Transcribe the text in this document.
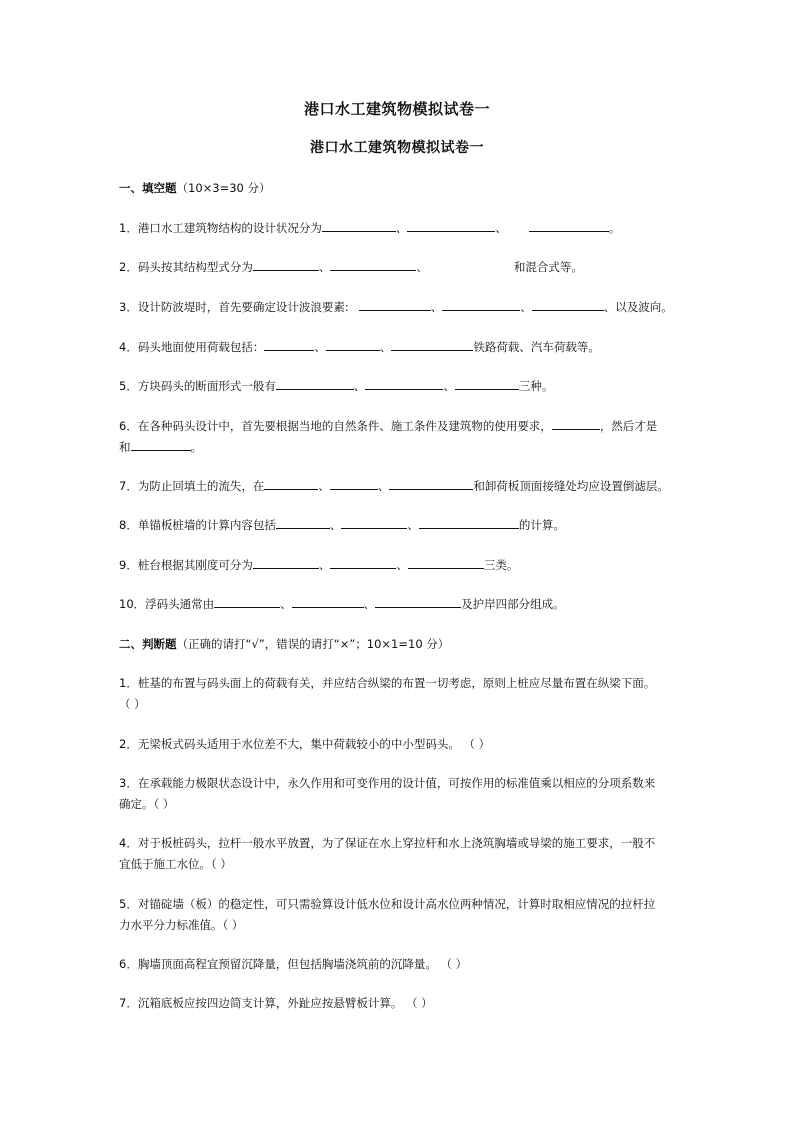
港口水工建筑物模拟试卷一
港口水工建筑物模拟试卷一
一、填空题（10×3=30 分）
1．港口水工建筑物结构的设计状况分为	、	、	。
2．码头按其结构型式分为	、	、	和混合式等。
3．设计防波堤时，首先要确定设计波浪要素:	、	、	、以及波向。
4．码头地面使用荷载包括：	、	、	铁路荷载、汽车荷载等。
5．方块码头的断面形式一般有	、	、	三种。
6．在各种码头设计中，首先要根据当地的自然条件、施工条件及建筑物的使用要求，	，然后才是
和	。
7．为防止回填土的流失，在	、	、	和卸荷板顶面接缝处均应设置倒滤层。
8．单锚板桩墙的计算内容包括	、	、	的计算。
9．桩台根据其刚度可分为	、	、	三类。
10．浮码头通常由	、	、	及护岸四部分组成。
二、判断题（正确的请打“√”，错误的请打“×”；10×1=10 分）
1．桩基的布置与码头面上的荷载有关，并应结合纵梁的布置一切考虑，原则上桩应尽量布置在纵梁下面。
（ ）
2．无梁板式码头适用于水位差不大，集中荷载较小的中小型码头。 （ ）
3．在承载能力极限状态设计中，永久作用和可变作用的设计值，可按作用的标准值乘以相应的分项系数来
确定。（ ）
4．对于板桩码头，拉杆一般水平放置，为了保证在水上穿拉杆和水上浇筑胸墙或导梁的施工要求，一般不
宜低于施工水位。（ ）
5．对锚碇墙（板）的稳定性，可只需验算设计低水位和设计高水位两种情况，计算时取相应情况的拉杆拉
力水平分力标准值。（ ）
6．胸墙顶面高程宜预留沉降量，但包括胸墙浇筑前的沉降量。 （ ）
7．沉箱底板应按四边简支计算，外趾应按悬臂板计算。 （ ）
